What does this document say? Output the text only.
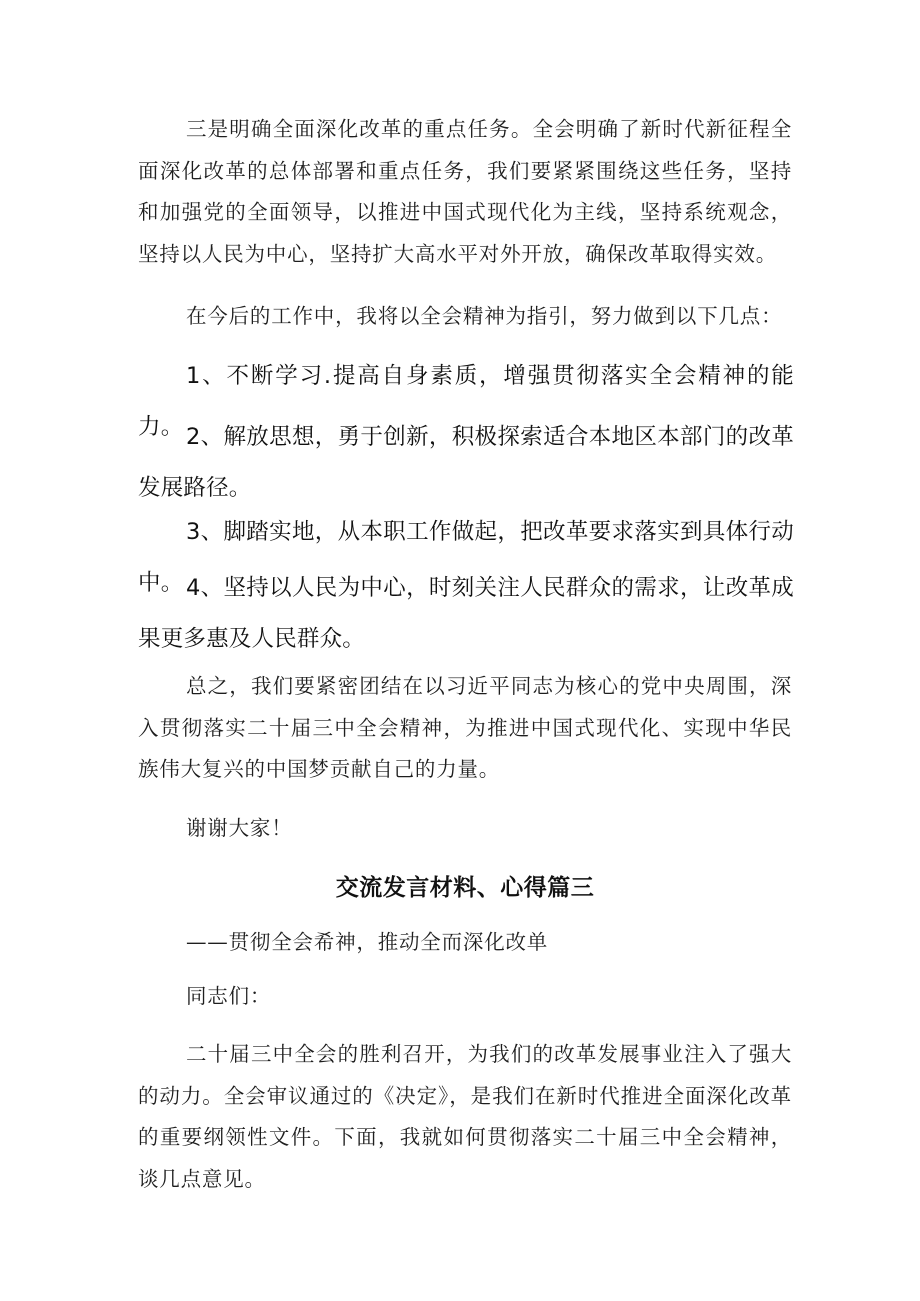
三是明确全面深化改革的重点任务。全会明确了新时代新征程全面深化改革的总体部署和重点任务，我们要紧紧围绕这些任务，坚持和加强党的全面领导，以推进中国式现代化为主线，坚持系统观念，坚持以人民为中心，坚持扩大高水平对外开放，确保改革取得实效。

在今后的工作中，我将以全会精神为指引，努力做到以下几点：

1、不断学习.提高自身素质，增强贯彻落实全会精神的能力。 2、解放思想，勇于创新，积极探索适合本地区本部门的改革发展路径。

3、脚踏实地，从本职工作做起，把改革要求落实到具体行动中。 4、坚持以人民为中心，时刻关注人民群众的需求，让改革成果更多惠及人民群众。

总之，我们要紧密团结在以习近平同志为核心的党中央周围，深入贯彻落实二十届三中全会精神，为推进中国式现代化、实现中华民族伟大复兴的中国梦贡献自己的力量。

谢谢大家！

交流发言材料、心得篇三

——贯彻全会希神，推动全而深化改单

同志们：

二十届三中全会的胜利召开，为我们的改革发展事业注入了强大的动力。全会审议通过的《决定》，是我们在新时代推进全面深化改革的重要纲领性文件。下面，我就如何贯彻落实二十届三中全会精神，谈几点意见。
